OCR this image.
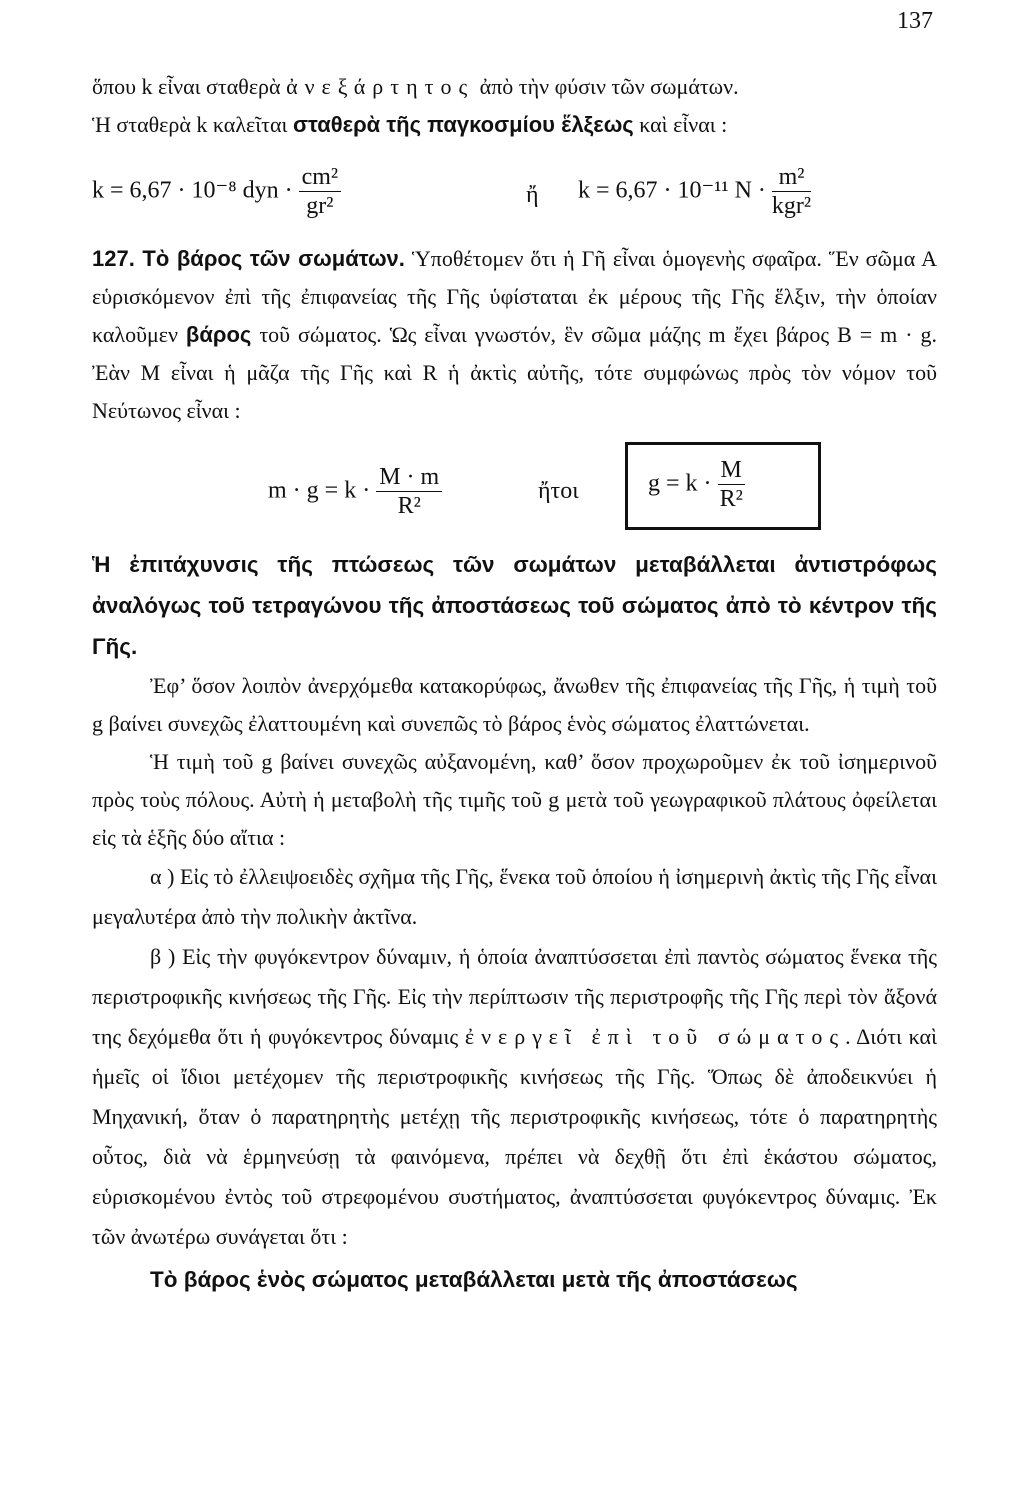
137

ὅπου k εἶναι σταθερὰ ἀνεξάρτητος ἀπὸ τὴν φύσιν τῶν σωμάτων.

Ἡ σταθερὰ k καλεῖται σταθερὰ τῆς παγκοσμίου ἕλξεως καὶ εἶναι :

k = 6,67 · 10⁻⁸ dyn · $\frac{\text{cm²}}{\text{gr²}}$	ἤ k = 6,67 · 10⁻¹¹ $N \cdot \frac{\text{m²}}{\text{kgr²}}$

127. Τὸ βάρος τῶν σωμάτων. Ὑποθέτομεν ὅτι ἡ Γῆ εἶναι ὁμογενὴς σφαῖρα. Ἕν σῶμα Α εὑρισκόμενον ἐπὶ τῆς ἐπιφανείας τῆς Γῆς ὑφίσταται ἐκ μέρους τῆς Γῆς ἕλξιν, τὴν ὁποίαν καλοῦμεν βάρος τοῦ σώματος. Ὡς εἶναι γνωστόν, ἓν σῶμα μάζης m ἔχει βάρος Β = m · g. Ἐὰν Μ εἶναι ἡ μᾶζα τῆς Γῆς καὶ R ἡ ἀκτὶς αὐτῆς, τότε συμφώνως πρὸς τὸν νόμον τοῦ Νεύτωνος εἶναι :

$m \cdot g = k \cdot \frac{M \cdot m}{\text{R²}}$	ἤτοι	$g = k \cdot \frac{M}{\text{R²}}$

Ἡ ἐπιτάχυνσις τῆς πτώσεως τῶν σωμάτων μεταβάλλεται ἀντιστρόφως ἀναλόγως τοῦ τετραγώνου τῆς ἀποστάσεως τοῦ σώματος ἀπὸ τὸ κέντρον τῆς Γῆς.

Ἐφ’ ὅσον λοιπὸν ἀνερχόμεθα κατακορύφως, ἄνωθεν τῆς ἐπιφανείας τῆς Γῆς, ἡ τιμὴ τοῦ g βαίνει συνεχῶς ἐλαττουμένη καὶ συνεπῶς τὸ βάρος ἑνὸς σώματος ἐλαττώνεται.

Ἡ τιμὴ τοῦ g βαίνει συνεχῶς αὐξανομένη, καθ’ ὅσον προχωροῦμεν ἐκ τοῦ ἰσημερινοῦ πρὸς τοὺς πόλους. Αὐτὴ ἡ μεταβολὴ τῆς τιμῆς τοῦ g μετὰ τοῦ γεωγραφικοῦ πλάτους ὀφείλεται εἰς τὰ ἑξῆς δύο αἴτια :

α ) Εἰς τὸ ἐλλειψοειδὲς σχῆμα τῆς Γῆς, ἕνεκα τοῦ ὁποίου ἡ ἰσημερινὴ ἀκτὶς τῆς Γῆς εἶναι μεγαλυτέρα ἀπὸ τὴν πολικὴν ἀκτῖνα.

β ) Εἰς τὴν φυγόκεντρον δύναμιν, ἡ ὁποία ἀναπτύσσεται ἐπὶ παντὸς σώματος ἕνεκα τῆς περιστροφικῆς κινήσεως τῆς Γῆς. Εἰς τὴν περίπτωσιν τῆς περιστροφῆς τῆς Γῆς περὶ τὸν ἄξονά της δεχόμεθα ὅτι ἡ φυγόκεντρος δύναμις ἐνεργεῖ ἐπὶ τοῦ σώματος. Διότι καὶ ἡμεῖς οἱ ἴδιοι μετέχομεν τῆς περιστροφικῆς κινήσεως τῆς Γῆς. Ὅπως δὲ ἀποδεικνύει ἡ Μηχανική, ὅταν ὁ παρατηρητὴς μετέχῃ τῆς περιστροφικῆς κινήσεως, τότε ὁ παρατηρητὴς οὗτος, διὰ νὰ ἑρμηνεύσῃ τὰ φαινόμενα, πρέπει νὰ δεχθῇ ὅτι ἐπὶ ἑκάστου σώματος, εὑρισκομένου ἐντὸς τοῦ στρεφομένου συστήματος, ἀναπτύσσεται φυγόκεντρος δύναμις. Ἐκ τῶν ἀνωτέρω συνάγεται ὅτι :

Τὸ βάρος ἑνὸς σώματος μεταβάλλεται μετὰ τῆς ἀποστάσεως
